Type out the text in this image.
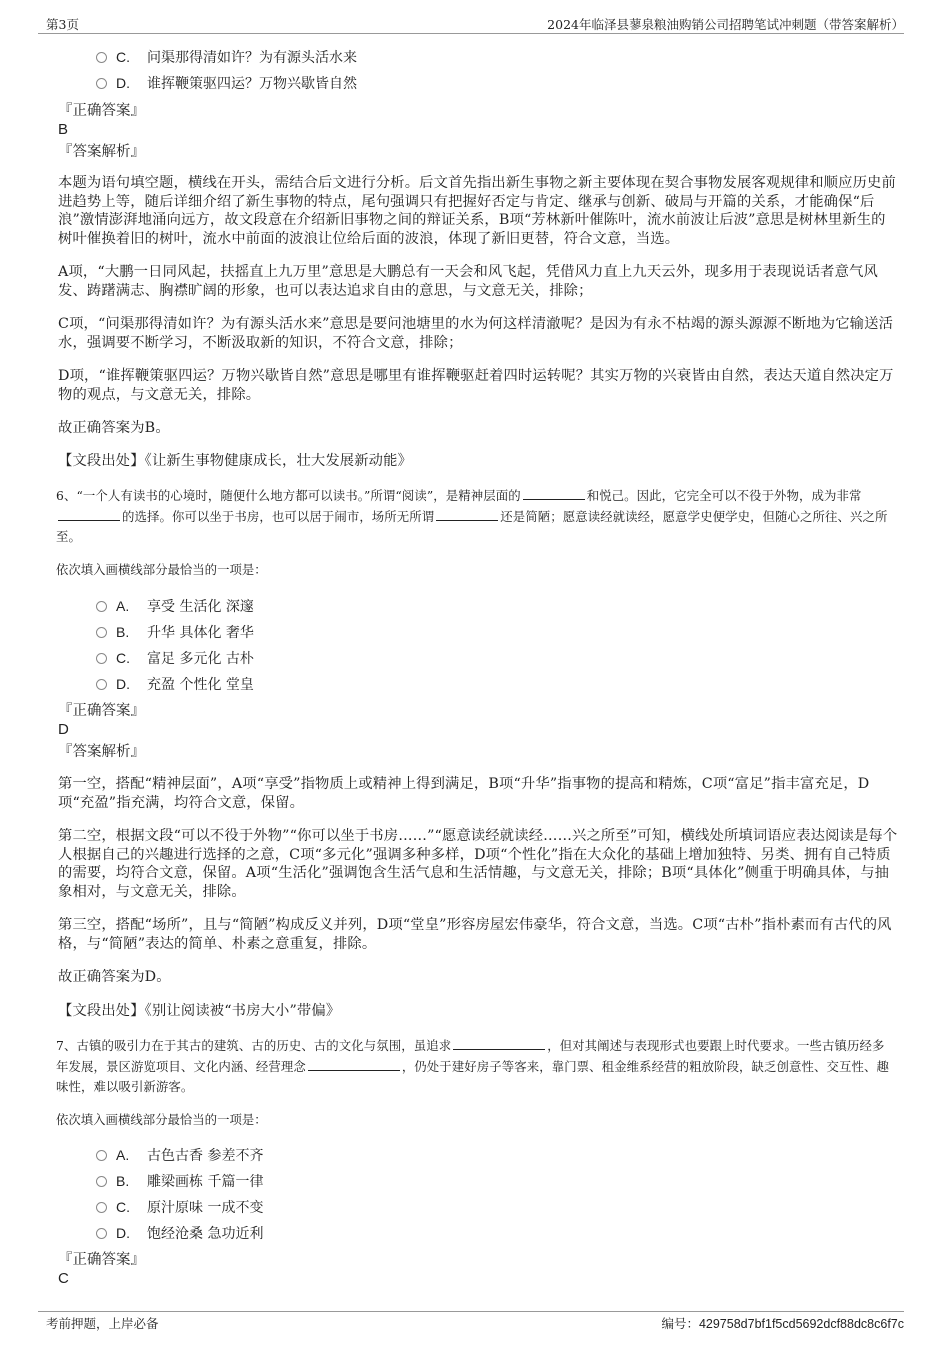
第3页	2024年临泽县蓼泉粮油购销公司招聘笔试冲刺题（带答案解析）
C. 问渠那得清如许？为有源头活水来
D. 谁挥鞭策驱四运？万物兴歇皆自然
『正确答案』
B
『答案解析』
本题为语句填空题，横线在开头，需结合后文进行分析。后文首先指出新生事物之新主要体现在契合事物发展客观规律和顺应历史前进趋势上等，随后详细介绍了新生事物的特点，尾句强调只有把握好否定与肯定、继承与创新、破局与开篇的关系，才能确保“后浪”激情澎湃地涌向远方，故文段意在介绍新旧事物之间的辩证关系，B项“芳林新叶催陈叶，流水前波让后波”意思是树林里新生的树叶催换着旧的树叶，流水中前面的波浪让位给后面的波浪，体现了新旧更替，符合文意，当选。
A项，“大鹏一日同风起，扶摇直上九万里”意思是大鹏总有一天会和风飞起，凭借风力直上九天云外，现多用于表现说话者意气风发、踌躇满志、胸襟旷阔的形象，也可以表达追求自由的意思，与文意无关，排除；
C项，“问渠那得清如许？为有源头活水来”意思是要问池塘里的水为何这样清澈呢？是因为有永不枯竭的源头源源不断地为它输送活水，强调要不断学习，不断汲取新的知识，不符合文意，排除；
D项，“谁挥鞭策驱四运？万物兴歇皆自然”意思是哪里有谁挥鞭驱赶着四时运转呢？其实万物的兴衰皆由自然，表达天道自然决定万物的观点，与文意无关，排除。
故正确答案为B。
【文段出处】《让新生事物健康成长，壮大发展新动能》
6、“一个人有读书的心境时，随便什么地方都可以读书。”所谓“阅读”，是精神层面的	和悦己。因此，它完全可以不役于外物，成为非常的选择。你可以坐于书房，也可以居于闹市，场所无所谓	还是简陋；愿意读经就读经，愿意学史便学史，但随心之所往、兴之所至。
依次填入画横线部分最恰当的一项是：
A. 享受 生活化 深邃
B. 升华 具体化 奢华
C. 富足 多元化 古朴
D. 充盈 个性化 堂皇
『正确答案』
D
『答案解析』
第一空，搭配“精神层面”，A项“享受”指物质上或精神上得到满足，B项“升华”指事物的提高和精炼，C项“富足”指丰富充足，D项“充盈”指充满，均符合文意，保留。
第二空，根据文段“可以不役于外物”“你可以坐于书房……”“愿意读经就读经……兴之所至”可知，横线处所填词语应表达阅读是每个人根据自己的兴趣进行选择的之意，C项“多元化”强调多种多样，D项“个性化”指在大众化的基础上增加独特、另类、拥有自己特质的需要，均符合文意，保留。A项“生活化”强调饱含生活气息和生活情趣，与文意无关，排除；B项“具体化”侧重于明确具体，与抽象相对，与文意无关，排除。
第三空，搭配“场所”，且与“简陋”构成反义并列，D项“堂皇”形容房屋宏伟豪华，符合文意，当选。C项“古朴”指朴素而有古代的风格，与“简陋”表达的简单、朴素之意重复，排除。
故正确答案为D。
【文段出处】《别让阅读被“书房大小”带偏》
7、古镇的吸引力在于其古的建筑、古的历史、古的文化与氛围，虽追求	，但对其阐述与表现形式也要跟上时代要求。一些古镇历经多年发展，景区游览项目、文化内涵、经营理念	，仍处于建好房子等客来，靠门票、租金维系经营的粗放阶段，缺乏创意性、交互性、趣味性，难以吸引新游客。
依次填入画横线部分最恰当的一项是：
A. 古色古香 参差不齐
B. 雕梁画栋 千篇一律
C. 原汁原味 一成不变
D. 饱经沧桑 急功近利
『正确答案』
C
考前押题，上岸必备	编号：429758d7bf1f5cd5692dcf88dc8c6f7c
